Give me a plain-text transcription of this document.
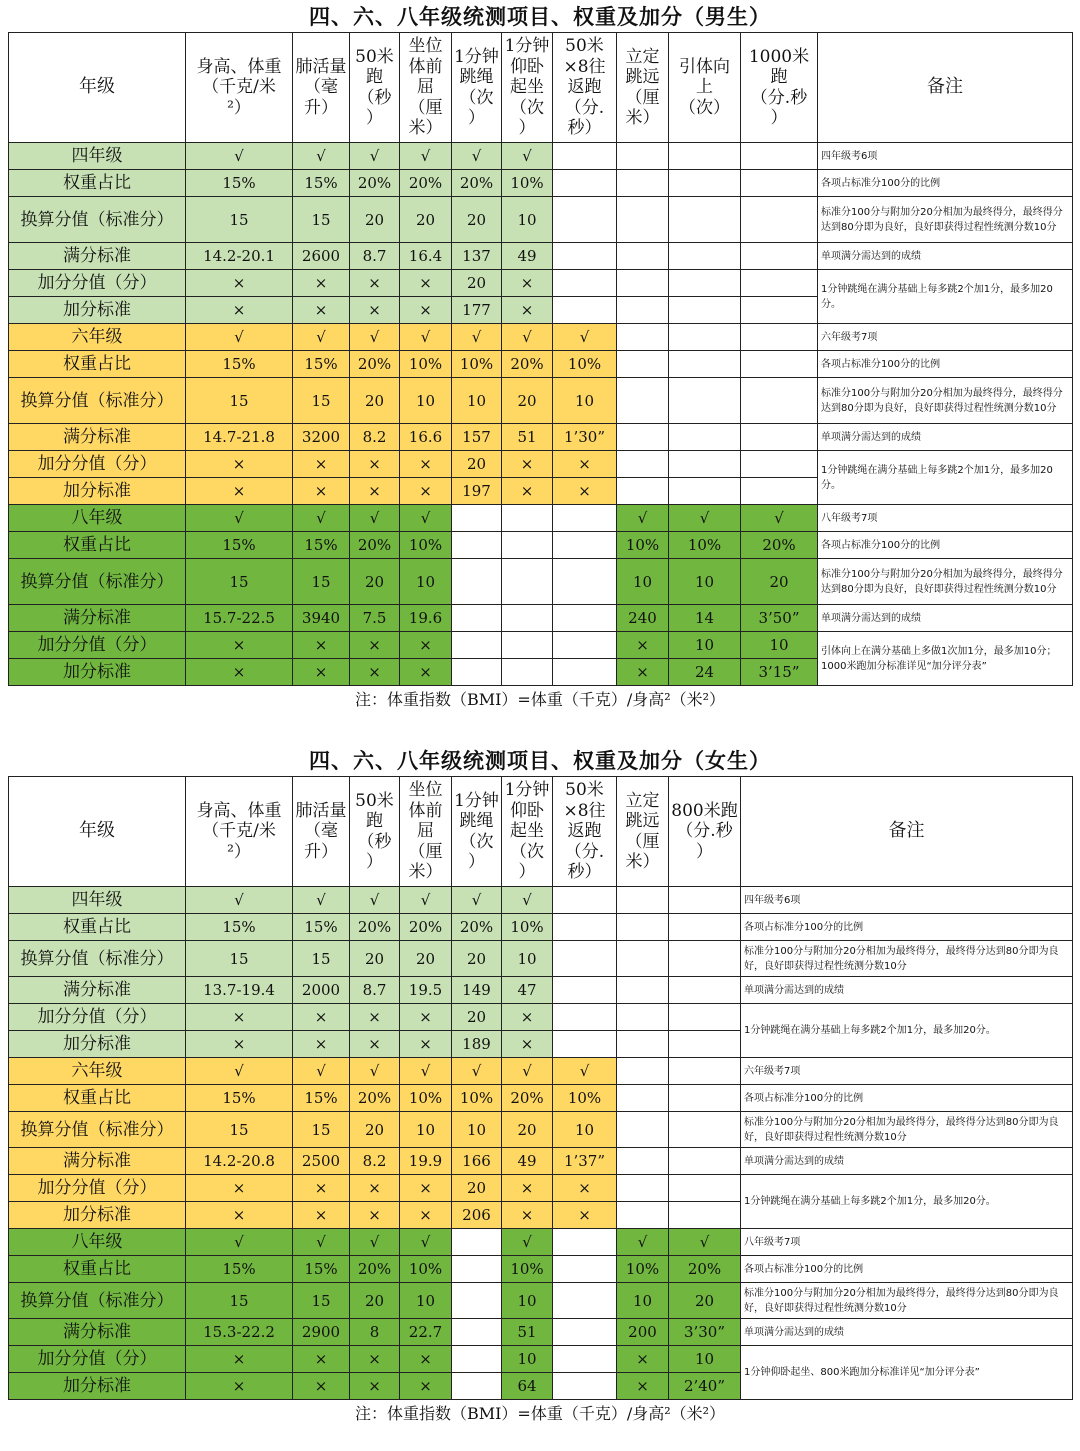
四、六、八年级统测项目、权重及加分（男生）
年级	身高、体重
（千克/米
²）	肺活量
（毫
升）	50米
跑
（秒
）	坐位
体前
屈
（厘
米）	1分钟
跳绳
（次
）	1分钟
仰卧
起坐
（次
）	50米
×8往
返跑
（分.
秒）	立定
跳远
（厘
米）	引体向
上
（次）	1000米跑
（分.秒
）	备注
四年级	√	√	√	√	√	√					四年级考6项
权重占比	15%	15%	20%	20%	20%	10%					各项占标准分100分的比例
换算分值（标准分）	15	15	20	20	20	10					标准分100分与附加分20分相加为最终得分，最终得分达到80分即为良好，良好即获得过程性统测分数10分
满分标准	14.2-20.1	2600	8.7	16.4	137	49					单项满分需达到的成绩
加分分值（分）	×	×	×	×	20	×					1分钟跳绳在满分基础上每多跳2个加1分，最多加20分。
加分标准	×	×	×	×	177	×					
六年级	√	√	√	√	√	√	√				六年级考7项
权重占比	15%	15%	20%	10%	10%	20%	10%				各项占标准分100分的比例
换算分值（标准分）	15	15	20	10	10	20	10				标准分100分与附加分20分相加为最终得分，最终得分达到80分即为良好，良好即获得过程性统测分数10分
满分标准	14.7-21.8	3200	8.2	16.6	157	51	1’30”				单项满分需达到的成绩
加分分值（分）	×	×	×	×	20	×	×				1分钟跳绳在满分基础上每多跳2个加1分，最多加20分。
加分标准	×	×	×	×	197	×	×				
八年级	√	√	√	√				√	√	√	八年级考7项
权重占比	15%	15%	20%	10%				10%	10%	20%	各项占标准分100分的比例
换算分值（标准分）	15	15	20	10				10	10	20	标准分100分与附加分20分相加为最终得分，最终得分达到80分即为良好，良好即获得过程性统测分数10分
满分标准	15.7-22.5	3940	7.5	19.6				240	14	3’50”	单项满分需达到的成绩
加分分值（分）	×	×	×	×				×	10	10	引体向上在满分基础上多做1次加1分，最多加10分；1000米跑加分标准详见“加分评分表”
加分标准	×	×	×	×				×	24	3’15”	
注：体重指数（BMI）=体重（千克）/身高²（米²）
四、六、八年级统测项目、权重及加分（女生）
年级	身高、体重
（千克/米
²）	肺活量
（毫
升）	50米
跑
（秒
）	坐位
体前
屈
（厘
米）	1分钟
跳绳
（次
）	1分钟
仰卧
起坐
（次
）	50米
×8往
返跑
（分.
秒）	立定
跳远
（厘
米）	800米跑
（分.秒
）	备注
四年级	√	√	√	√	√	√				四年级考6项
权重占比	15%	15%	20%	20%	20%	10%				各项占标准分100分的比例
换算分值（标准分）	15	15	20	20	20	10				标准分100分与附加分20分相加为最终得分，最终得分达到80分即为良好，良好即获得过程性统测分数10分
满分标准	13.7-19.4	2000	8.7	19.5	149	47				单项满分需达到的成绩
加分分值（分）	×	×	×	×	20	×				1分钟跳绳在满分基础上每多跳2个加1分，最多加20分。
加分标准	×	×	×	×	189	×				
六年级	√	√	√	√	√	√	√			六年级考7项
权重占比	15%	15%	20%	10%	10%	20%	10%			各项占标准分100分的比例
换算分值（标准分）	15	15	20	10	10	20	10			标准分100分与附加分20分相加为最终得分，最终得分达到80分即为良好，良好即获得过程性统测分数10分
满分标准	14.2-20.8	2500	8.2	19.9	166	49	1’37”			单项满分需达到的成绩
加分分值（分）	×	×	×	×	20	×	×			1分钟跳绳在满分基础上每多跳2个加1分，最多加20分。
加分标准	×	×	×	×	206	×	×			
八年级	√	√	√	√		√		√	√	八年级考7项
权重占比	15%	15%	20%	10%		10%		10%	20%	各项占标准分100分的比例
换算分值（标准分）	15	15	20	10		10		10	20	标准分100分与附加分20分相加为最终得分，最终得分达到80分即为良好，良好即获得过程性统测分数10分
满分标准	15.3-22.2	2900	8	22.7		51		200	3’30”	单项满分需达到的成绩
加分分值（分）	×	×	×	×		10		×	10	1分钟仰卧起坐、800米跑加分标准详见“加分评分表”
加分标准	×	×	×	×		64		×	2’40”	
注：体重指数（BMI）=体重（千克）/身高²（米²）
